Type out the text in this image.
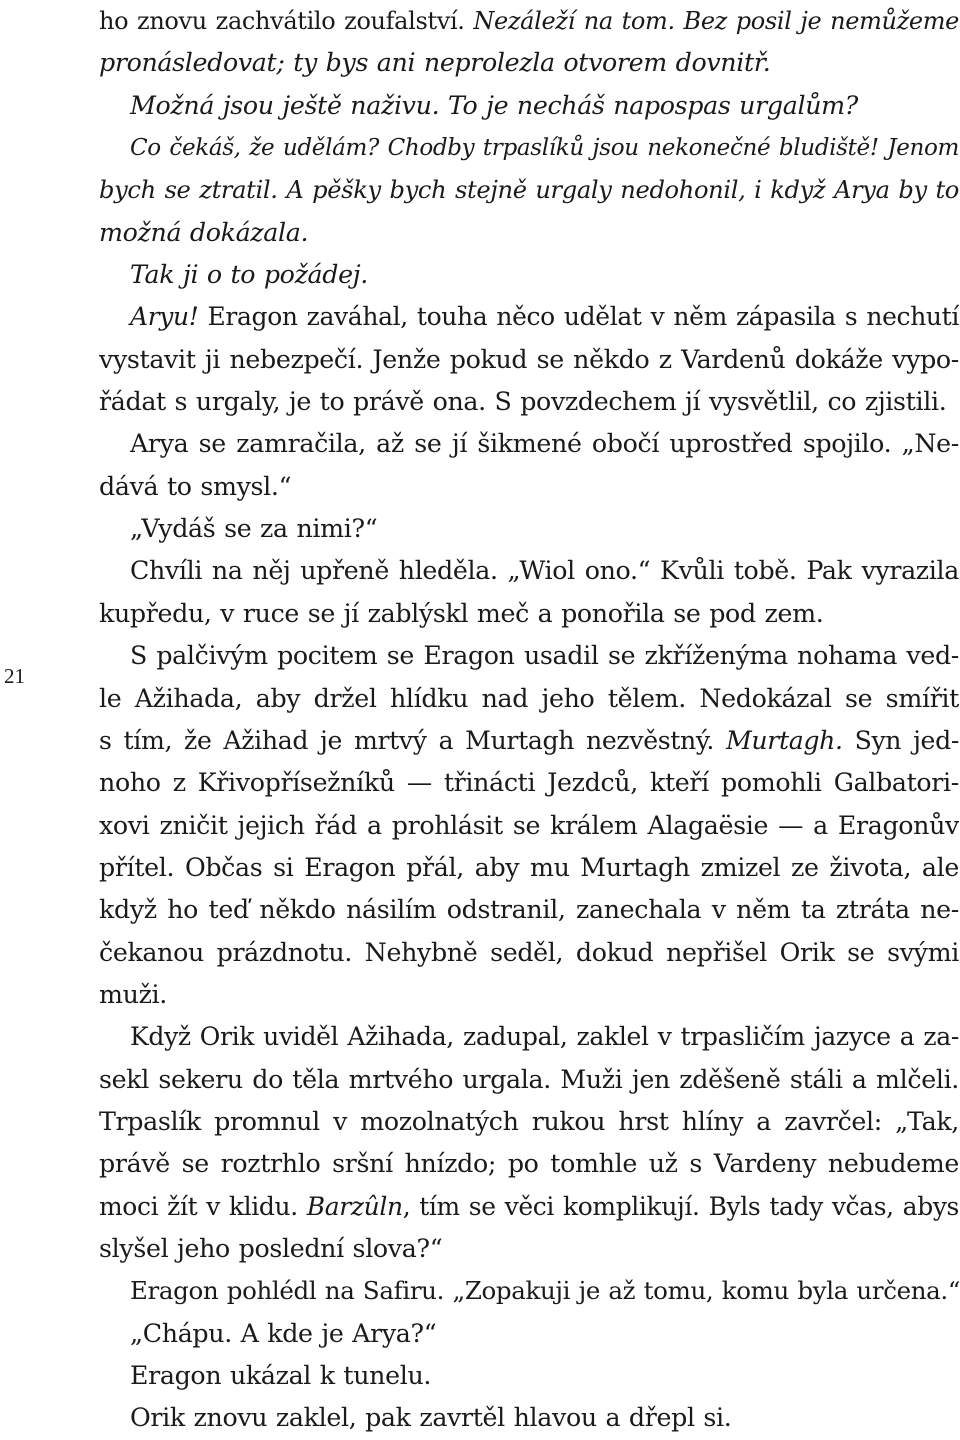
21
ho znovu zachvátilo zoufalství. Nezáleží na tom. Bez posil je nemůžeme
pronásledovat; ty bys ani neprolezla otvorem dovnitř.
Možná jsou ještě naživu. To je necháš napospas urgalům?
Co čekáš, že udělám? Chodby trpaslíků jsou nekonečné bludiště! Jenom
bych se ztratil. A pěšky bych stejně urgaly nedohonil, i když Arya by to
možná dokázala.
Tak ji o to požádej.
Aryu! Eragon zaváhal, touha něco udělat v něm zápasila s nechutí
vystavit ji nebezpečí. Jenže pokud se někdo z Vardenů dokáže vypo-
řádat s urgaly, je to právě ona. S povzdechem jí vysvětlil, co zjistili.
Arya se zamračila, až se jí šikmené obočí uprostřed spojilo. „Ne-
dává to smysl.“
„Vydáš se za nimi?“
Chvíli na něj upřeně hleděla. „Wiol ono.“ Kvůli tobě. Pak vyrazila
kupředu, v ruce se jí zablýskl meč a ponořila se pod zem.
S palčivým pocitem se Eragon usadil se zkříženýma nohama ved-
le Ažihada, aby držel hlídku nad jeho tělem. Nedokázal se smířit
s tím, že Ažihad je mrtvý a Murtagh nezvěstný. Murtagh. Syn jed-
noho z Křivopřísežníků — třinácti Jezdců, kteří pomohli Galbatori-
xovi zničit jejich řád a prohlásit se králem Alagaësie — a Eragonův
přítel. Občas si Eragon přál, aby mu Murtagh zmizel ze života, ale
když ho teď někdo násilím odstranil, zanechala v něm ta ztráta ne-
čekanou prázdnotu. Nehybně seděl, dokud nepřišel Orik se svými
muži.
Když Orik uviděl Ažihada, zadupal, zaklel v trpasličím jazyce a za-
sekl sekeru do těla mrtvého urgala. Muži jen zděšeně stáli a mlčeli.
Trpaslík promnul v mozolnatých rukou hrst hlíny a zavrčel: „Tak,
právě se roztrhlo sršní hnízdo; po tomhle už s Vardeny nebudeme
moci žít v klidu. Barzûln, tím se věci komplikují. Byls tady včas, abys
slyšel jeho poslední slova?“
Eragon pohlédl na Safiru. „Zopakuji je až tomu, komu byla určena.“
„Chápu. A kde je Arya?“
Eragon ukázal k tunelu.
Orik znovu zaklel, pak zavrtěl hlavou a dřepl si.
